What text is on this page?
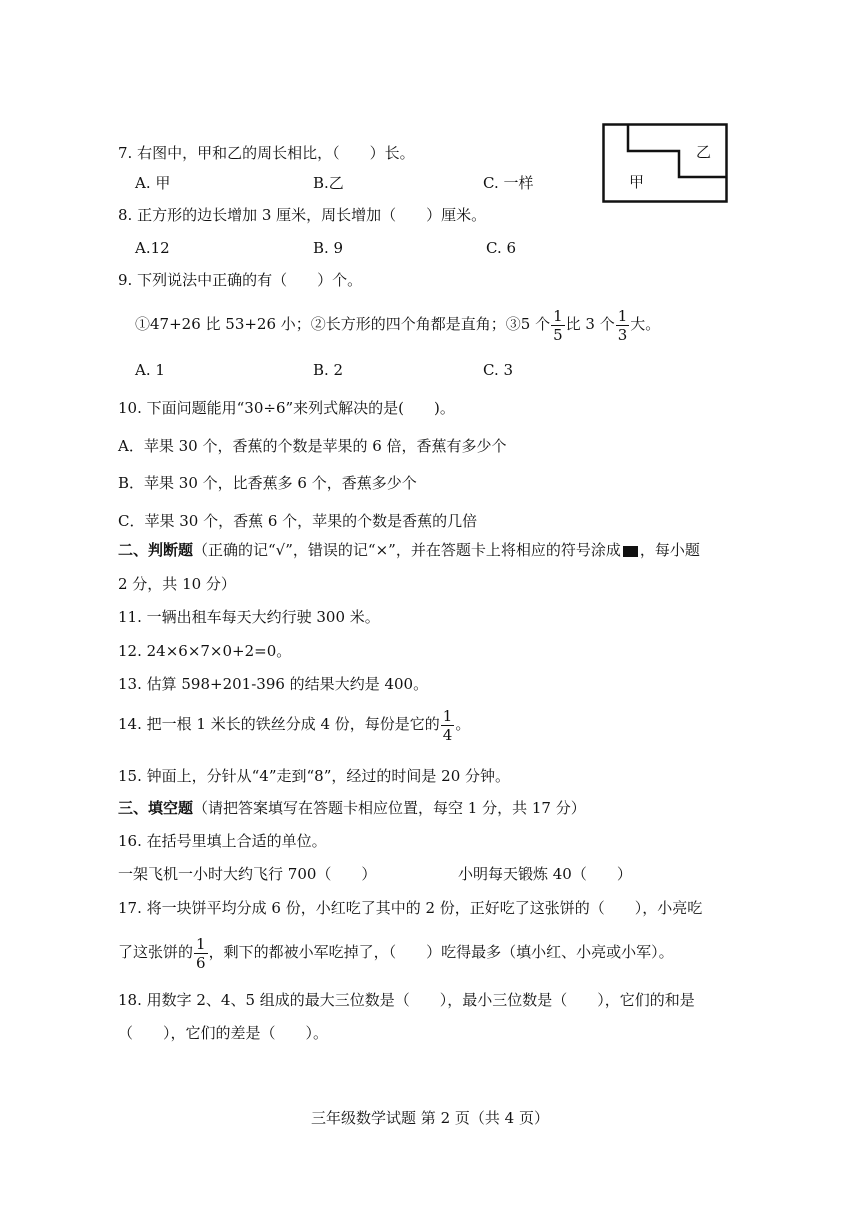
7. 右图中，甲和乙的周长相比，（　　）长。
A. 甲	B.乙	C. 一样	甲
乙
8. 正方形的边长增加 3 厘米，周长增加（　　）厘米。
A.12	B. 9	C. 6
9. 下列说法中正确的有（　　）个。
①47+26 比 53+26 小；②长方形的四个角都是直角；③5 个 $\frac{1}{5}$ 比 3 个 $\frac{1}{3}$ 大。
A. 1	B. 2	C. 3
10. 下面问题能用“30÷6”来列式解决的是(　　)。
A．苹果 30 个，香蕉的个数是苹果的 6 倍，香蕉有多少个
B．苹果 30 个，比香蕉多 6 个，香蕉多少个
C．苹果 30 个，香蕉 6 个，苹果的个数是香蕉的几倍
二、判断题（正确的记“√”，错误的记“×”，并在答题卡上将相应的符号涂成 ，每小题
2 分，共 10 分）
11. 一辆出租车每天大约行驶 300 米。
12. 24×6×7×0+2=0。
13. 估算 598+201-396 的结果大约是 400。
14. 把一根 1 米长的铁丝分成 4 份，每份是它的 $\frac{1}{4}$ 。
15. 钟面上，分针从“4”走到“8”，经过的时间是 20 分钟。
三、填空题（请把答案填写在答题卡相应位置，每空 1 分，共 17 分）
16. 在括号里填上合适的单位。
一架飞机一小时大约飞行 700（　　）	小明每天锻炼 40（　　）
17. 将一块饼平均分成 6 份，小红吃了其中的 2 份，正好吃了这张饼的（　　），小亮吃
了这张饼的 $\frac{1}{6}$ ，剩下的都被小军吃掉了，（　　）吃得最多（填小红、小亮或小军）。
18. 用数字 2、4、5 组成的最大三位数是（　　），最小三位数是（　　），它们的和是
（　　），它们的差是（　　）。
三年级数学试题 第 2 页（共 4 页）
